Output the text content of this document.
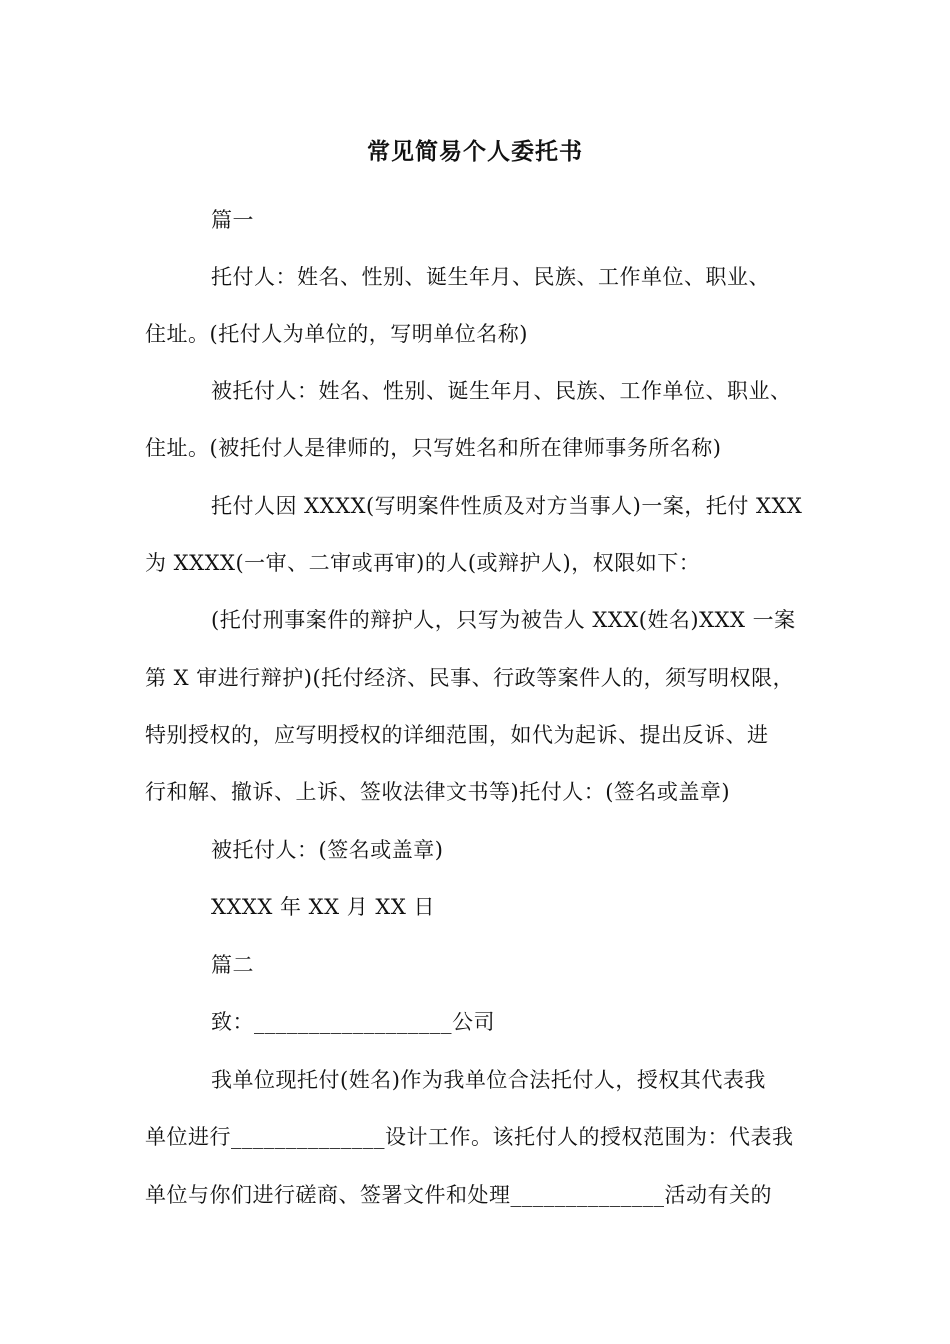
常见简易个人委托书
篇一
托付人：姓名、性别、诞生年月、民族、工作单位、职业、
住址。(托付人为单位的，写明单位名称)
被托付人：姓名、性别、诞生年月、民族、工作单位、职业、
住址。(被托付人是律师的，只写姓名和所在律师事务所名称)
托付人因 XXXX(写明案件性质及对方当事人)一案，托付 XXX
为 XXXX(一审、二审或再审)的人(或辩护人)，权限如下：
(托付刑事案件的辩护人，只写为被告人 XXX(姓名)XXX 一案
第 X 审进行辩护)(托付经济、民事、行政等案件人的，须写明权限，
特别授权的，应写明授权的详细范围，如代为起诉、提出反诉、进
行和解、撤诉、上诉、签收法律文书等)托付人：(签名或盖章)
被托付人：(签名或盖章)
XXXX 年 XX 月 XX 日
篇二
致：__________________公司
我单位现托付(姓名)作为我单位合法托付人，授权其代表我
单位进行______________设计工作。该托付人的授权范围为：代表我
单位与你们进行磋商、签署文件和处理______________活动有关的
